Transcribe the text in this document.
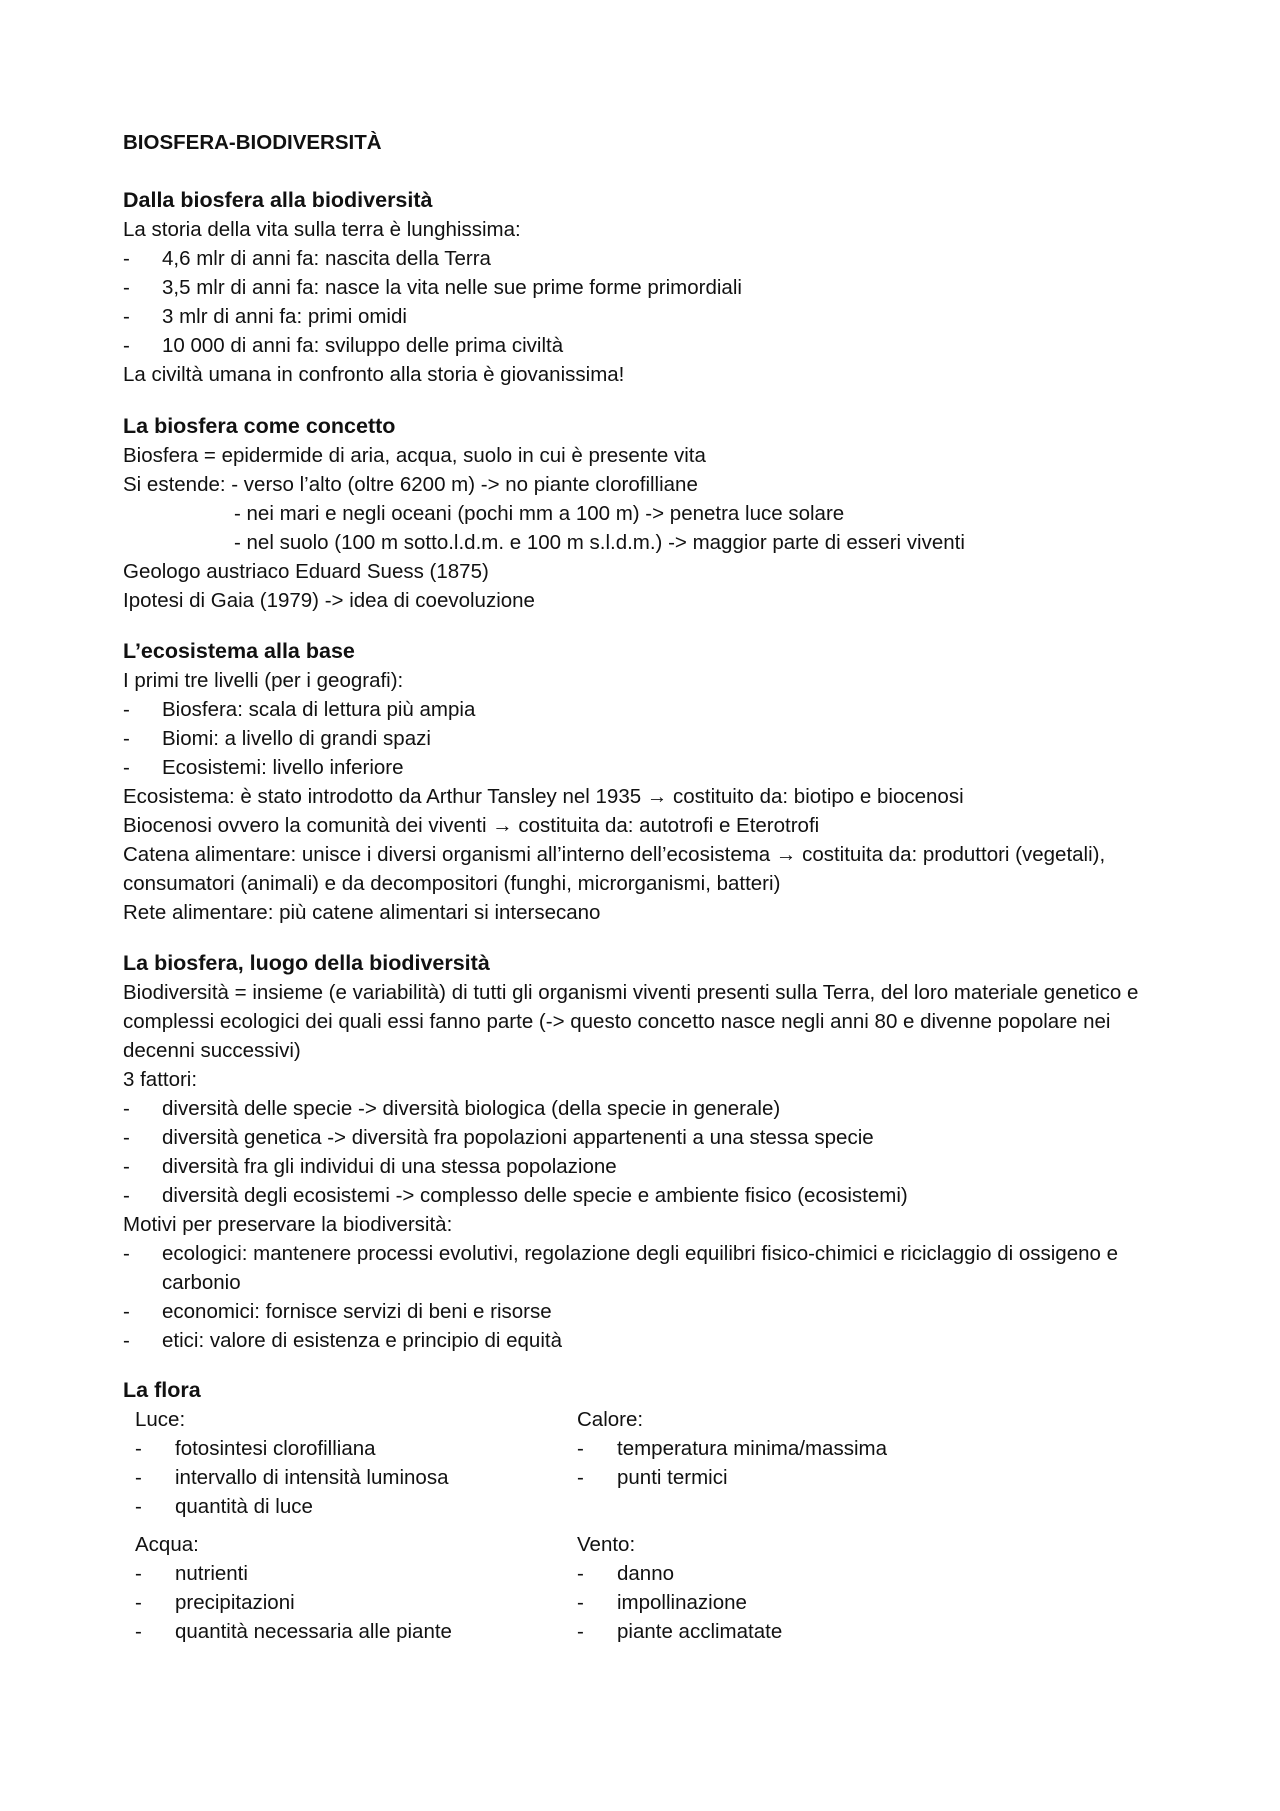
BIOSFERA-BIODIVERSITÀ
Dalla biosfera alla biodiversità
La storia della vita sulla terra è lunghissima:
- 4,6 mlr di anni fa: nascita della Terra
- 3,5 mlr di anni fa: nasce la vita nelle sue prime forme primordiali
- 3 mlr di anni fa: primi omidi
- 10 000 di anni fa: sviluppo delle prima civiltà
La civiltà umana in confronto alla storia è giovanissima!
La biosfera come concetto
Biosfera = epidermide di aria, acqua, suolo in cui è presente vita
Si estende: - verso l’alto (oltre 6200 m) -> no piante clorofilliane
- nei mari e negli oceani (pochi mm a 100 m) -> penetra luce solare
- nel suolo (100 m sotto.l.d.m. e 100 m s.l.d.m.) -> maggior parte di esseri viventi
Geologo austriaco Eduard Suess (1875)
Ipotesi di Gaia (1979) -> idea di coevoluzione
L’ecosistema alla base
I primi tre livelli (per i geografi):
- Biosfera: scala di lettura più ampia
- Biomi: a livello di grandi spazi
- Ecosistemi: livello inferiore
Ecosistema: è stato introdotto da Arthur Tansley nel 1935 → costituito da: biotipo e biocenosi
Biocenosi ovvero la comunità dei viventi → costituita da: autotrofi e Eterotrofi
Catena alimentare: unisce i diversi organismi all’interno dell’ecosistema → costituita da: produttori (vegetali), consumatori (animali) e da decompositori (funghi, microrganismi, batteri)
Rete alimentare: più catene alimentari si intersecano
La biosfera, luogo della biodiversità
Biodiversità = insieme (e variabilità) di tutti gli organismi viventi presenti sulla Terra, del loro materiale genetico e complessi ecologici dei quali essi fanno parte (-> questo concetto nasce negli anni 80 e divenne popolare nei decenni successivi)
3 fattori:
- diversità delle specie -> diversità biologica (della specie in generale)
- diversità genetica -> diversità fra popolazioni appartenenti a una stessa specie
- diversità fra gli individui di una stessa popolazione
- diversità degli ecosistemi -> complesso delle specie e ambiente fisico (ecosistemi)
Motivi per preservare la biodiversità:
- ecologici: mantenere processi evolutivi, regolazione degli equilibri fisico-chimici e riciclaggio di ossigeno e carbonio
- economici: fornisce servizi di beni e risorse
- etici: valore di esistenza e principio di equità
La flora
Luce:
- fotosintesi clorofilliana
- intervallo di intensità luminosa
- quantità di luce
Calore:
- temperatura minima/massima
- punti termici
Acqua:
- nutrienti
- precipitazioni
- quantità necessaria alle piante
Vento:
- danno
- impollinazione
- piante acclimatate
